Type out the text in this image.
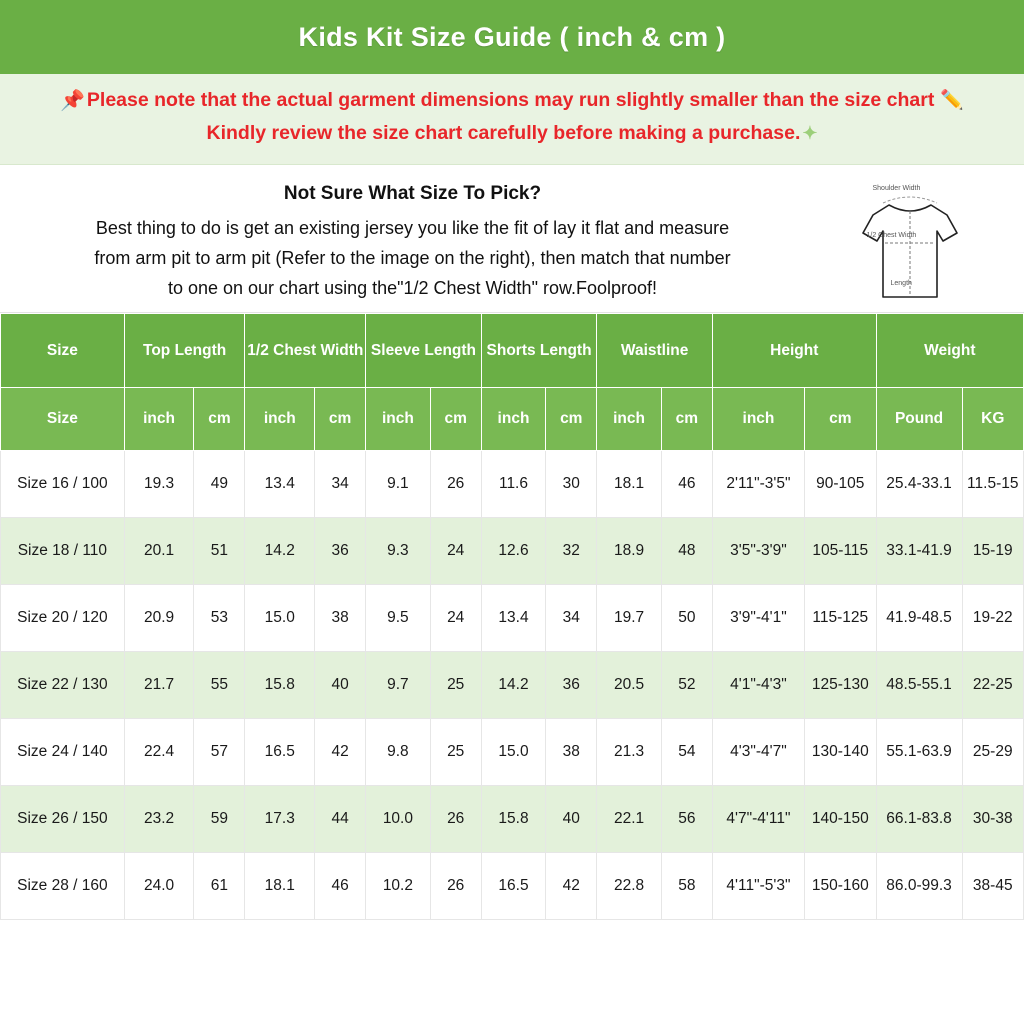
Kids Kit Size Guide ( inch & cm )
📌 Please note that the actual garment dimensions may run slightly smaller than the size chart ✏️
Kindly review the size chart carefully before making a purchase. ✦
Not Sure What Size To Pick?
Best thing to do is get an existing jersey you like the fit of lay it flat and measure
from arm pit to arm pit (Refer to the image on the right), then match that number
to one on our chart using the"1/2 Chest Width" row.Foolproof!
Shoulder Width
1/2 Chest Width
Length
Size	Top Length		1/2 Chest Width		Sleeve Length		Shorts Length		Waistline		Height		Weight	
Size	inch	cm	inch	cm	inch	cm	inch	cm	inch	cm	inch	cm	Pound	KG
Size 16 / 100	19.3	49	13.4	34	9.1	26	11.6	30	18.1	46	2'11"-3'5"	90-105	25.4-33.1	11.5-15
Size 18 / 110	20.1	51	14.2	36	9.3	24	12.6	32	18.9	48	3'5"-3'9"	105-115	33.1-41.9	15-19
Size 20 / 120	20.9	53	15.0	38	9.5	24	13.4	34	19.7	50	3'9"-4'1"	115-125	41.9-48.5	19-22
Size 22 / 130	21.7	55	15.8	40	9.7	25	14.2	36	20.5	52	4'1"-4'3"	125-130	48.5-55.1	22-25
Size 24 / 140	22.4	57	16.5	42	9.8	25	15.0	38	21.3	54	4'3"-4'7"	130-140	55.1-63.9	25-29
Size 26 / 150	23.2	59	17.3	44	10.0	26	15.8	40	22.1	56	4'7"-4'11"	140-150	66.1-83.8	30-38
Size 28 / 160	24.0	61	18.1	46	10.2	26	16.5	42	22.8	58	4'11"-5'3"	150-160	86.0-99.3	38-45
